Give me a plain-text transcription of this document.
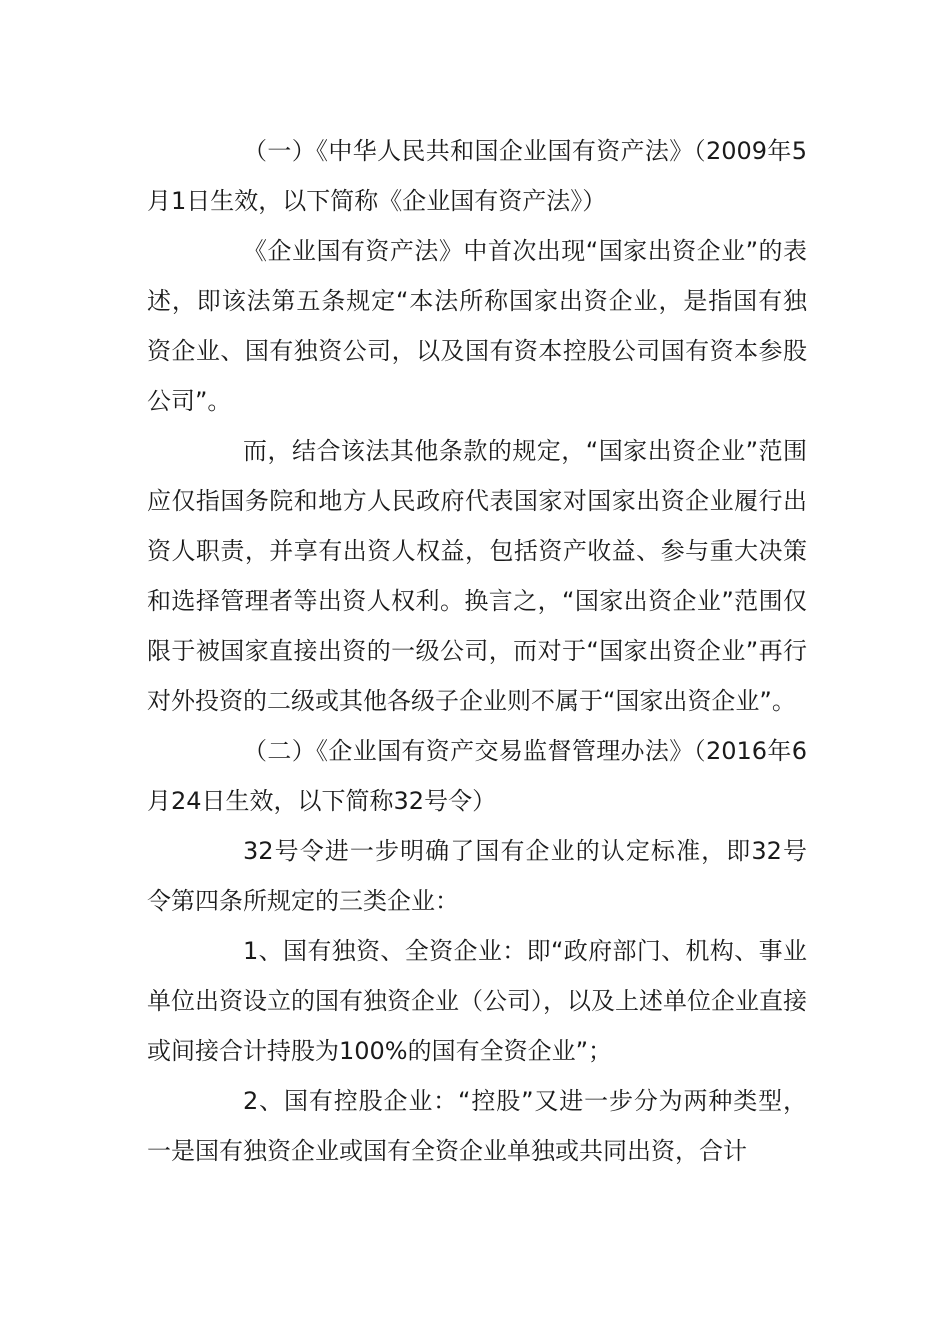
（一）《中华人民共和国企业国有资产法》（2009年5月1日生效，以下简称《企业国有资产法》）

《企业国有资产法》中首次出现“国家出资企业”的表述，即该法第五条规定“本法所称国家出资企业，是指国有独资企业、国有独资公司，以及国有资本控股公司国有资本参股公司”。

而，结合该法其他条款的规定，“国家出资企业”范围应仅指国务院和地方人民政府代表国家对国家出资企业履行出资人职责，并享有出资人权益，包括资产收益、参与重大决策和选择管理者等出资人权利。换言之，“国家出资企业”范围仅限于被国家直接出资的一级公司，而对于“国家出资企业”再行对外投资的二级或其他各级子企业则不属于“国家出资企业”。

（二）《企业国有资产交易监督管理办法》（2016年6月24日生效，以下简称32号令）

32号令进一步明确了国有企业的认定标准，即32号令第四条所规定的三类企业：

1、国有独资、全资企业：即“政府部门、机构、事业单位出资设立的国有独资企业（公司），以及上述单位企业直接或间接合计持股为100%的国有全资企业”；

2、国有控股企业：“控股”又进一步分为两种类型，一是国有独资企业或国有全资企业单独或共同出资，合计
